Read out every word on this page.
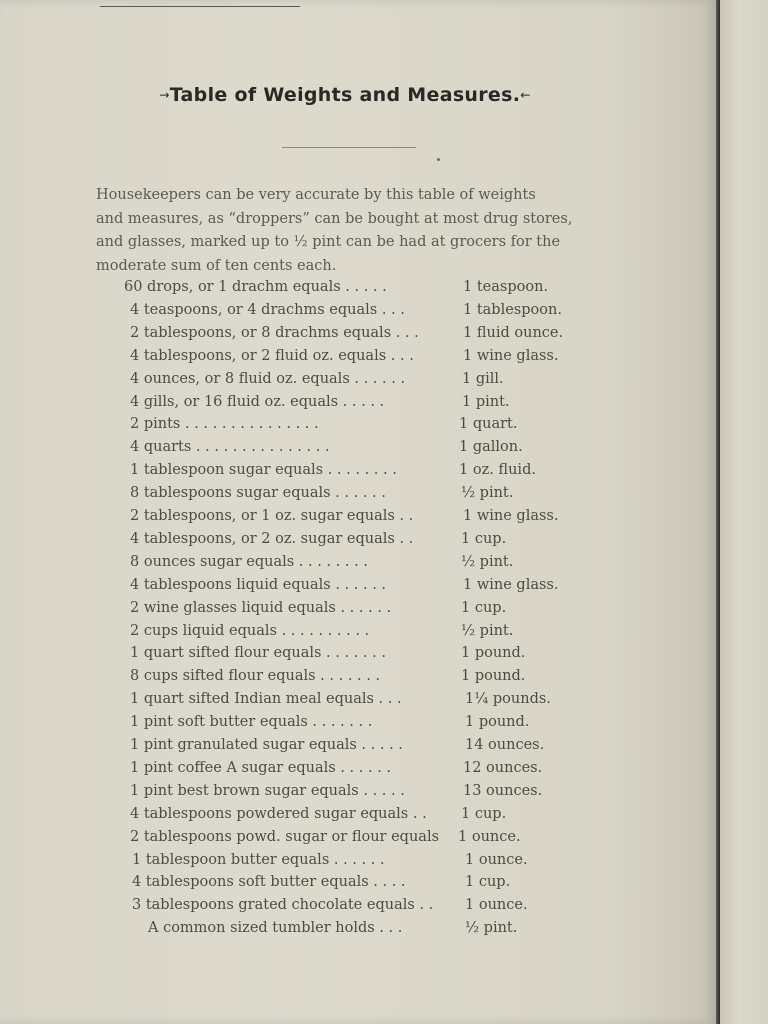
→Table of Weights and Measures.←
Housekeepers can be very accurate by this table of weights
and measures, as “droppers” can be bought at most drug stores,
and glasses, marked up to ½ pint can be had at grocers for the
moderate sum of ten cents each.
60 drops, or 1 drachm equals . . . . .	1 teaspoon.
4 teaspoons, or 4 drachms equals . . .	1 tablespoon.
2 tablespoons, or 8 drachms equals . . .	1 fluid ounce.
4 tablespoons, or 2 fluid oz. equals . . .	1 wine glass.
4 ounces, or 8 fluid oz. equals . . . . . .	1 gill.
4 gills, or 16 fluid oz. equals . . . . .	1 pint.
2 pints . . . . . . . . . . . . . . .	1 quart.
4 quarts . . . . . . . . . . . . . . .	1 gallon.
1 tablespoon sugar equals . . . . . . . .	1 oz. fluid.
8 tablespoons sugar equals . . . . . .	½ pint.
2 tablespoons, or 1 oz. sugar equals . .	1 wine glass.
4 tablespoons, or 2 oz. sugar equals . .	1 cup.
8 ounces sugar equals . . . . . . . .	½ pint.
4 tablespoons liquid equals . . . . . .	1 wine glass.
2 wine glasses liquid equals . . . . . .	1 cup.
2 cups liquid equals . . . . . . . . . .	½ pint.
1 quart sifted flour equals . . . . . . .	1 pound.
8 cups sifted flour equals . . . . . . .	1 pound.
1 quart sifted Indian meal equals . . .	1¼ pounds.
1 pint soft butter equals . . . . . . .	1 pound.
1 pint granulated sugar equals . . . . .	14 ounces.
1 pint coffee A sugar equals . . . . . .	12 ounces.
1 pint best brown sugar equals . . . . .	13 ounces.
4 tablespoons powdered sugar equals . . 1 cup.
2 tablespoons powd. sugar or flour equals 1 ounce.
1 tablespoon butter equals . . . . . .	1 ounce.
4 tablespoons soft butter equals . . . .	1 cup.
3 tablespoons grated chocolate equals . . 1 ounce.
A common sized tumbler holds . . .	½ pint.
